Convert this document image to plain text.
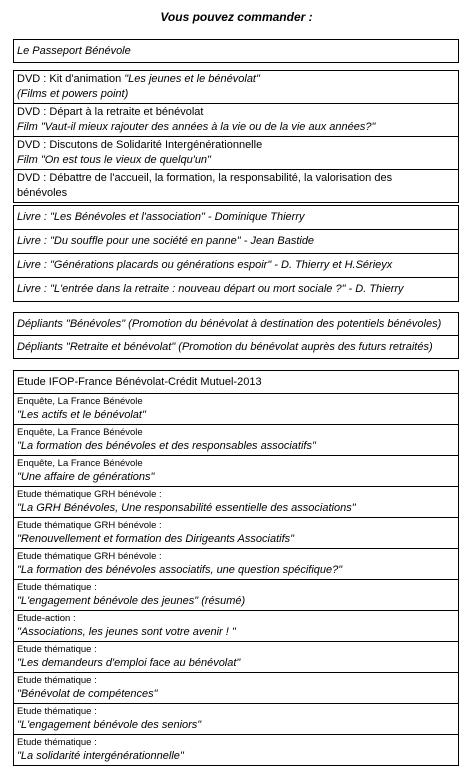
Vous pouvez commander :
Le Passeport Bénévole
DVD : Kit d'animation "Les jeunes et le bénévolat"
(Films et powers point)
DVD : Départ à la retraite et bénévolat
Film "Vaut-il mieux rajouter des années à la vie ou de la vie aux années?"
DVD : Discutons de Solidarité Intergénérationnelle
Film "On est tous le vieux de quelqu'un"
DVD : Débattre de l'accueil, la formation, la responsabilité, la valorisation des
bénévoles
Livre : "Les Bénévoles et l'association" - Dominique Thierry
Livre : "Du souffle pour une société en panne" - Jean Bastide
Livre : "Générations placards ou générations espoir" - D. Thierry et H.Sérieyx
Livre : "L'entrée dans la retraite : nouveau départ ou mort sociale ?" - D. Thierry
Dépliants "Bénévoles" (Promotion du bénévolat à destination des potentiels bénévoles)
Dépliants "Retraite et bénévolat" (Promotion du bénévolat auprès des futurs retraités)
Etude IFOP-France Bénévolat-Crédit Mutuel-2013
Enquête, La France Bénévole
"Les actifs et le bénévolat"
Enquête, La France Bénévole
"La formation des bénévoles et des responsables associatifs"
Enquête, La France Bénévole
"Une affaire de générations"
Etude thématique GRH bénévole :
"La GRH Bénévoles, Une responsabilité essentielle des associations"
Etude thématique GRH bénévole :
"Renouvellement et formation des Dirigeants Associatifs"
Etude thématique GRH bénévole :
"La formation des bénévoles associatifs, une question spécifique?"
Etude thématique :
"L'engagement bénévole des jeunes" (résumé)
Etude-action :
"Associations, les jeunes sont votre avenir ! "
Etude thématique :
"Les demandeurs d'emploi face au bénévolat"
Etude thématique :
"Bénévolat de compétences"
Etude thématique :
"L'engagement bénévole des seniors"
Etude thématique :
"La solidarité intergénérationnelle"
